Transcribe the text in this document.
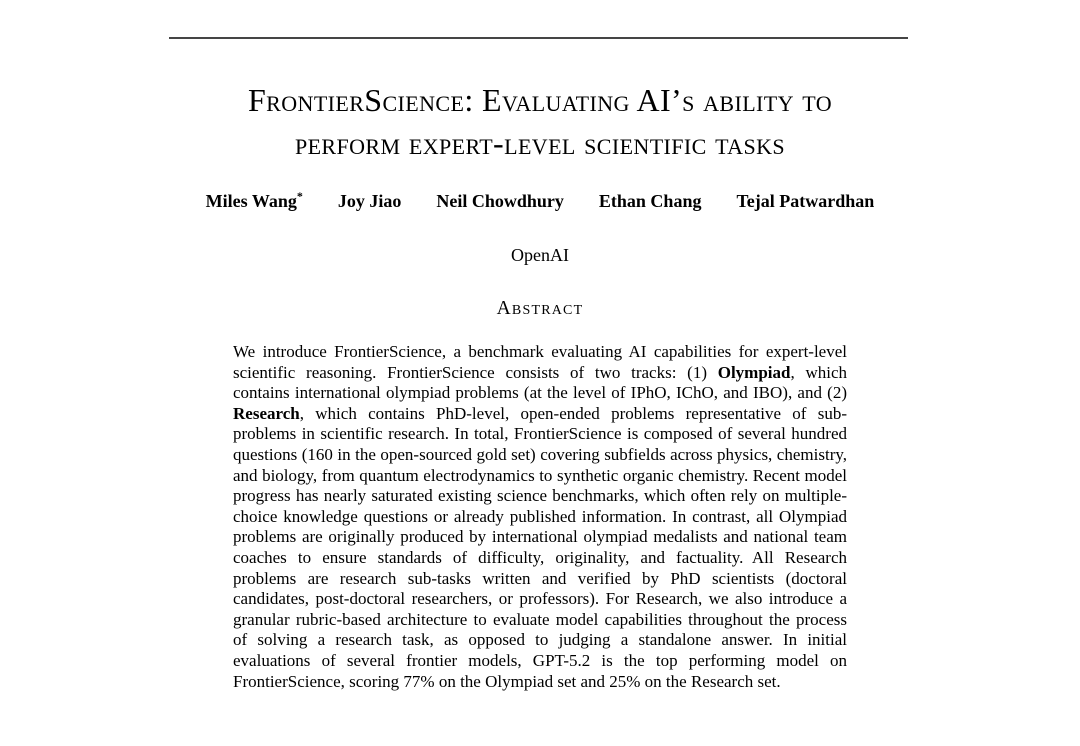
FrontierScience: Evaluating AI’s ability to
perform expert-level scientific tasks
Miles Wang* Joy Jiao Neil Chowdhury Ethan Chang Tejal Patwardhan
OpenAI
Abstract

We introduce FrontierScience, a benchmark evaluating AI capabilities for expert-level scientific reasoning. FrontierScience consists of two tracks: (1) Olympiad, which contains international olympiad problems (at the level of IPhO, IChO, and IBO), and (2) Research, which contains PhD-level, open-ended problems representative of sub-problems in scientific research. In total, FrontierScience is composed of several hundred questions (160 in the open-sourced gold set) covering subfields across physics, chemistry, and biology, from quantum electrodynamics to synthetic organic chemistry. Recent model progress has nearly saturated existing science benchmarks, which often rely on multiple-choice knowledge questions or already published information. In contrast, all Olympiad problems are originally produced by international olympiad medalists and national team coaches to ensure standards of difficulty, originality, and factuality. All Research problems are research sub-tasks written and verified by PhD scientists (doctoral candidates, post-doctoral researchers, or professors). For Research, we also introduce a granular rubric-based architecture to evaluate model capabilities throughout the process of solving a research task, as opposed to judging a standalone answer. In initial evaluations of several frontier models, GPT-5.2 is the top performing model on FrontierScience, scoring 77% on the Olympiad set and 25% on the Research set.
